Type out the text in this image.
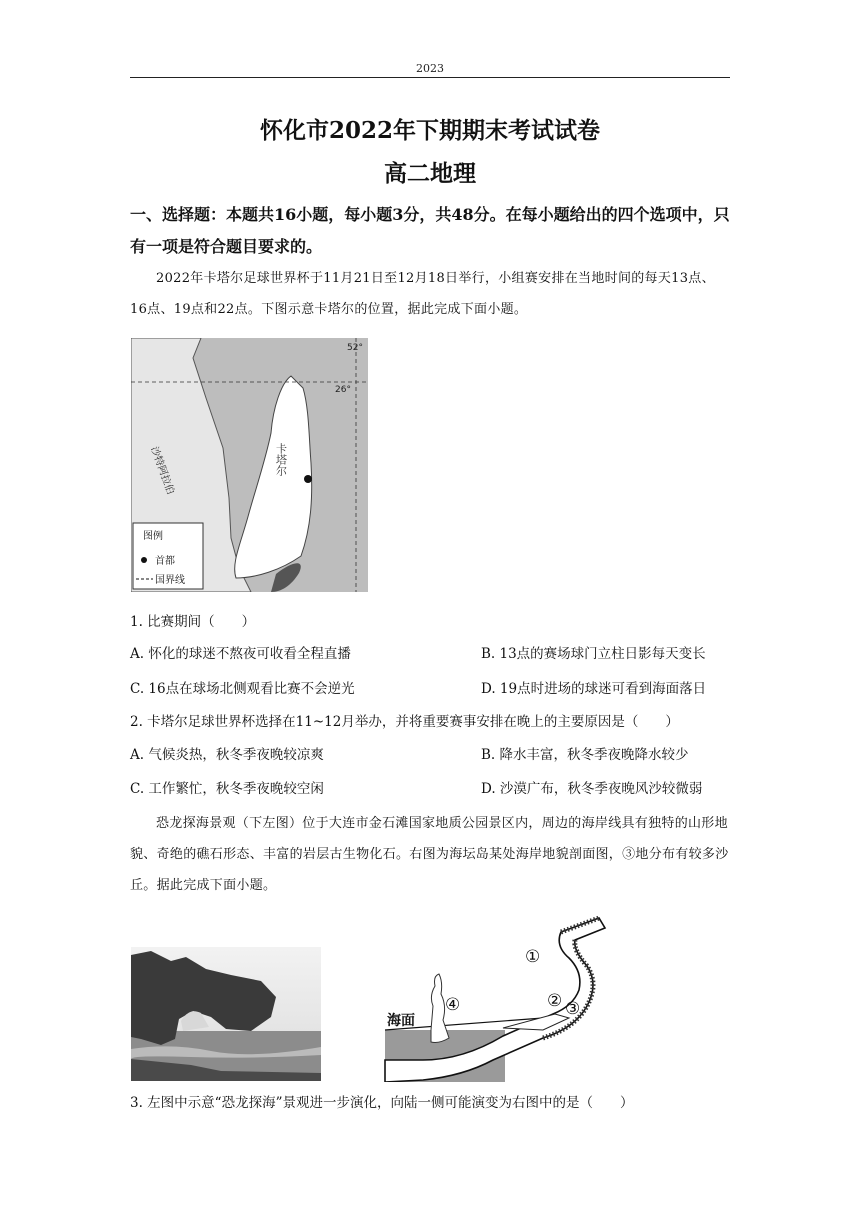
2023
怀化市2022年下期期末考试试卷
高二地理
一、选择题：本题共16小题，每小题3分，共48分。在每小题给出的四个选项中，只有一项是符合题目要求的。
2022年卡塔尔足球世界杯于11月21日至12月18日举行，小组赛安排在当地时间的每天13点、16点、19点和22点。下图示意卡塔尔的位置，据此完成下面小题。
26°
52°
卡塔尔
沙特阿拉伯
图例
首都
国界线
1. 比赛期间（　　）
A. 怀化的球迷不熬夜可收看全程直播	B. 13点的赛场球门立柱日影每天变长
C. 16点在球场北侧观看比赛不会逆光	D. 19点时进场的球迷可看到海面落日
2. 卡塔尔足球世界杯选择在11~12月举办，并将重要赛事安排在晚上的主要原因是（　　）
A. 气候炎热，秋冬季夜晚较凉爽	B. 降水丰富，秋冬季夜晚降水较少
C. 工作繁忙，秋冬季夜晚较空闲	D. 沙漠广布，秋冬季夜晚风沙较微弱
恐龙探海景观（下左图）位于大连市金石滩国家地质公园景区内，周边的海岸线具有独特的山形地貌、奇绝的礁石形态、丰富的岩层古生物化石。右图为海坛岛某处海岸地貌剖面图，③地分布有较多沙丘。据此完成下面小题。
海面
①
② ③
④
3. 左图中示意“恐龙探海”景观进一步演化，向陆一侧可能演变为右图中的是（　　）
